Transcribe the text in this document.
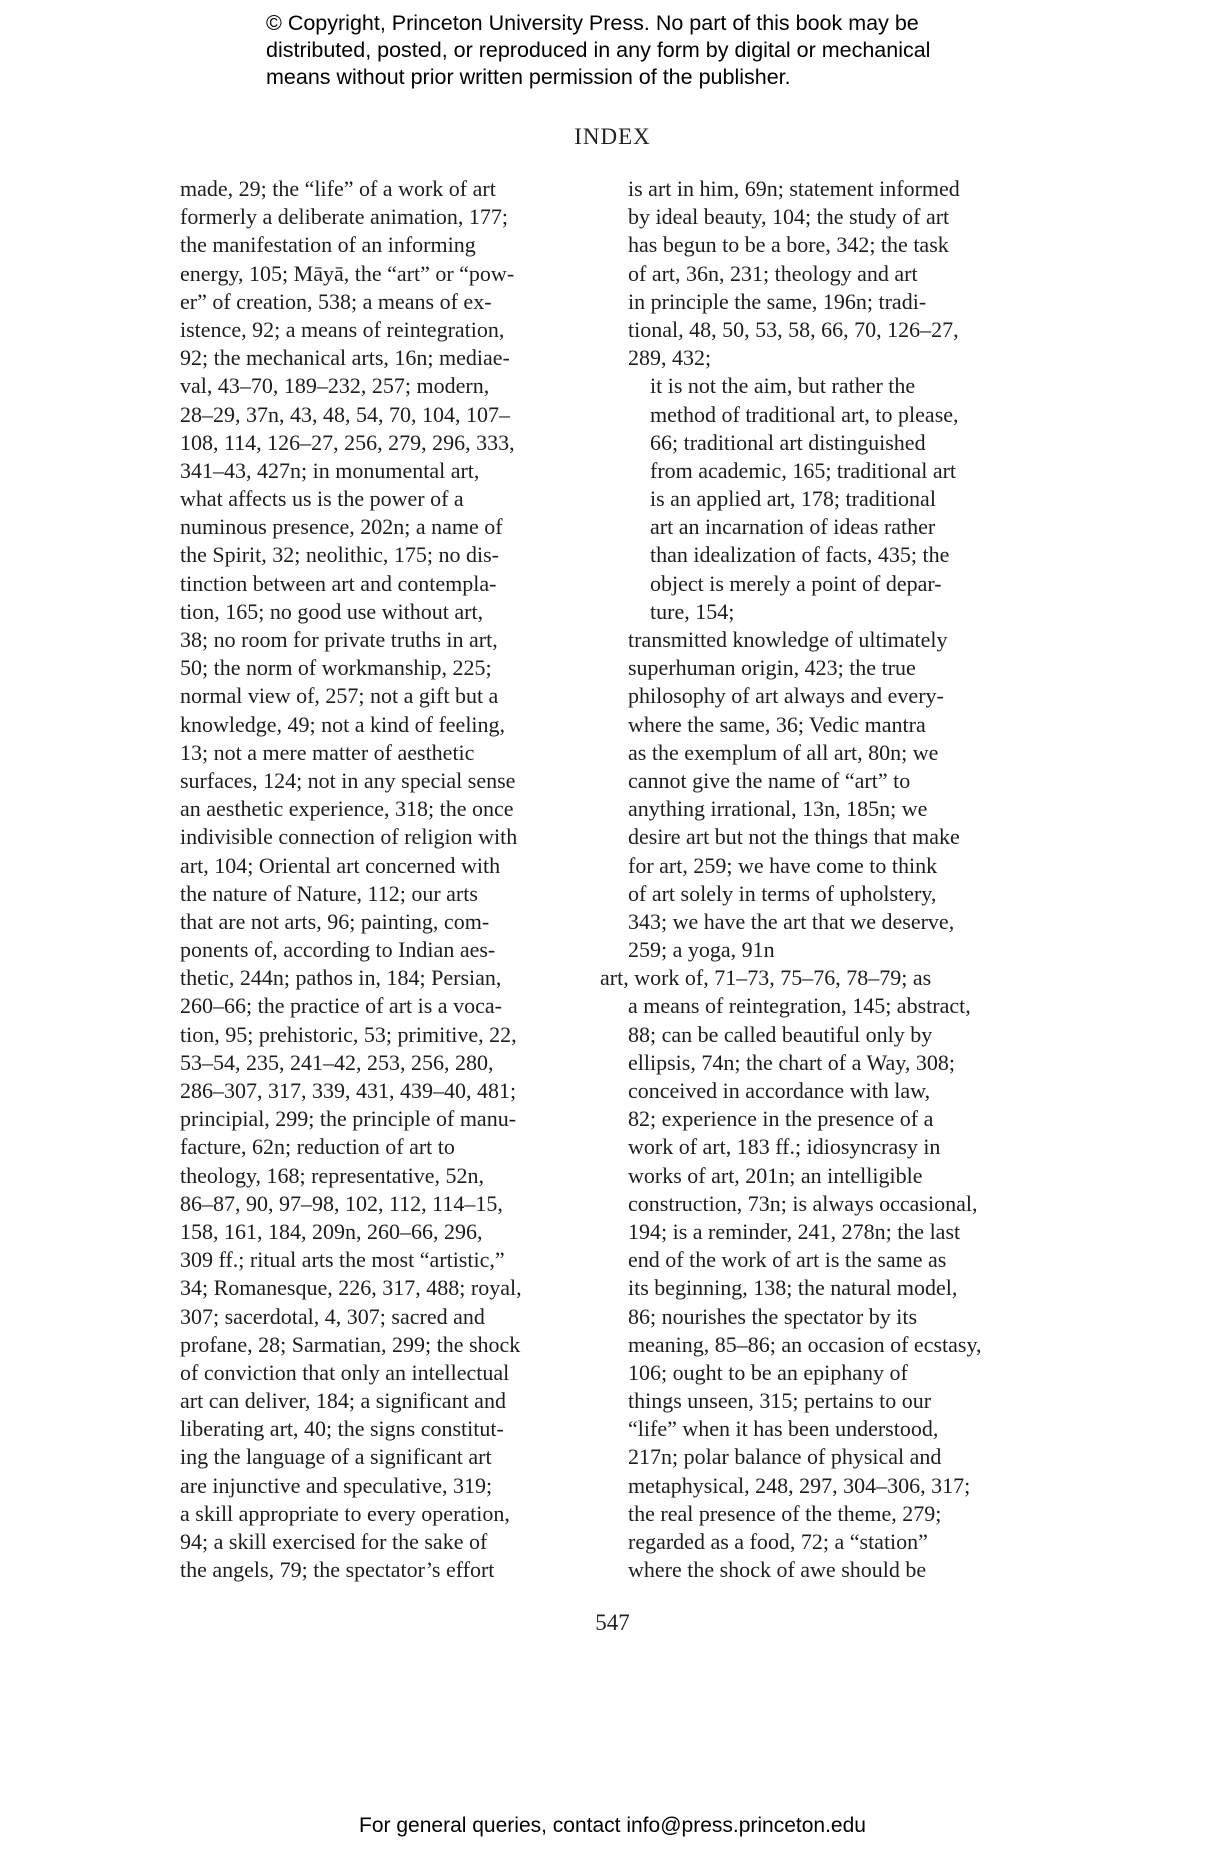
© Copyright, Princeton University Press. No part of this book may be
distributed, posted, or reproduced in any form by digital or mechanical
means without prior written permission of the publisher.
INDEX
made, 29; the “life” of a work of art
formerly a deliberate animation, 177;
the manifestation of an informing
energy, 105; Māyā, the “art” or “pow-
er” of creation, 538; a means of ex-
istence, 92; a means of reintegration,
92; the mechanical arts, 16n; mediae-
val, 43–70, 189–232, 257; modern,
28–29, 37n, 43, 48, 54, 70, 104, 107–
108, 114, 126–27, 256, 279, 296, 333,
341–43, 427n; in monumental art,
what affects us is the power of a
numinous presence, 202n; a name of
the Spirit, 32; neolithic, 175; no dis-
tinction between art and contempla-
tion, 165; no good use without art,
38; no room for private truths in art,
50; the norm of workmanship, 225;
normal view of, 257; not a gift but a
knowledge, 49; not a kind of feeling,
13; not a mere matter of aesthetic
surfaces, 124; not in any special sense
an aesthetic experience, 318; the once
indivisible connection of religion with
art, 104; Oriental art concerned with
the nature of Nature, 112; our arts
that are not arts, 96; painting, com-
ponents of, according to Indian aes-
thetic, 244n; pathos in, 184; Persian,
260–66; the practice of art is a voca-
tion, 95; prehistoric, 53; primitive, 22,
53–54, 235, 241–42, 253, 256, 280,
286–307, 317, 339, 431, 439–40, 481;
principial, 299; the principle of manu-
facture, 62n; reduction of art to
theology, 168; representative, 52n,
86–87, 90, 97–98, 102, 112, 114–15,
158, 161, 184, 209n, 260–66, 296,
309 ff.; ritual arts the most “artistic,”
34; Romanesque, 226, 317, 488; royal,
307; sacerdotal, 4, 307; sacred and
profane, 28; Sarmatian, 299; the shock
of conviction that only an intellectual
art can deliver, 184; a significant and
liberating art, 40; the signs constitut-
ing the language of a significant art
are injunctive and speculative, 319;
a skill appropriate to every operation,
94; a skill exercised for the sake of
the angels, 79; the spectator’s effort
is art in him, 69n; statement informed
by ideal beauty, 104; the study of art
has begun to be a bore, 342; the task
of art, 36n, 231; theology and art
in principle the same, 196n; tradi-
tional, 48, 50, 53, 58, 66, 70, 126–27,
289, 432;
it is not the aim, but rather the
method of traditional art, to please,
66; traditional art distinguished
from academic, 165; traditional art
is an applied art, 178; traditional
art an incarnation of ideas rather
than idealization of facts, 435; the
object is merely a point of depar-
ture, 154;
transmitted knowledge of ultimately
superhuman origin, 423; the true
philosophy of art always and every-
where the same, 36; Vedic mantra
as the exemplum of all art, 80n; we
cannot give the name of “art” to
anything irrational, 13n, 185n; we
desire art but not the things that make
for art, 259; we have come to think
of art solely in terms of upholstery,
343; we have the art that we deserve,
259; a yoga, 91n
art, work of, 71–73, 75–76, 78–79; as
a means of reintegration, 145; abstract,
88; can be called beautiful only by
ellipsis, 74n; the chart of a Way, 308;
conceived in accordance with law,
82; experience in the presence of a
work of art, 183 ff.; idiosyncrasy in
works of art, 201n; an intelligible
construction, 73n; is always occasional,
194; is a reminder, 241, 278n; the last
end of the work of art is the same as
its beginning, 138; the natural model,
86; nourishes the spectator by its
meaning, 85–86; an occasion of ecstasy,
106; ought to be an epiphany of
things unseen, 315; pertains to our
“life” when it has been understood,
217n; polar balance of physical and
metaphysical, 248, 297, 304–306, 317;
the real presence of the theme, 279;
regarded as a food, 72; a “station”
where the shock of awe should be
547
For general queries, contact info@press.princeton.edu
